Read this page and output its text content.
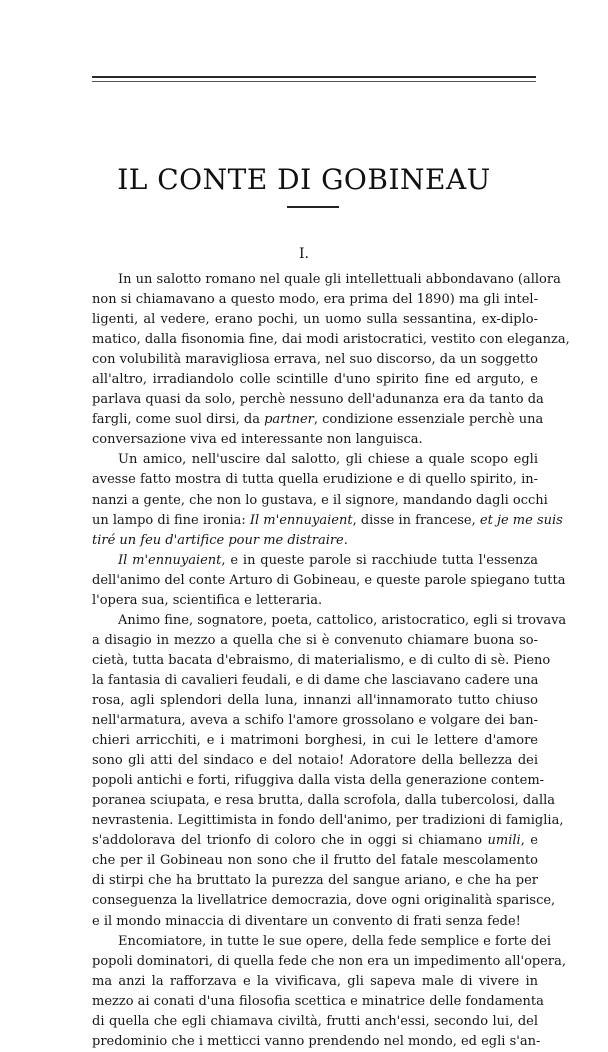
IL CONTE DI GOBINEAU
I.
In un salotto romano nel quale gli intellettuali abbondavano (allora
non si chiamavano a questo modo, era prima del 1890) ma gli intel-
ligenti, al vedere, erano pochi, un uomo sulla sessantina, ex-diplo-
matico, dalla fisonomia fine, dai modi aristocratici, vestito con eleganza,
con volubilità maravigliosa errava, nel suo discorso, da un soggetto
all'altro, irradiandolo colle scintille d'uno spirito fine ed arguto, e
parlava quasi da solo, perchè nessuno dell'adunanza era da tanto da
fargli, come suol dirsi, da partner, condizione essenziale perchè una
conversazione viva ed interessante non languisca.
Un amico, nell'uscire dal salotto, gli chiese a quale scopo egli
avesse fatto mostra di tutta quella erudizione e di quello spirito, in-
nanzi a gente, che non lo gustava, e il signore, mandando dagli occhi
un lampo di fine ironia: Il m'ennuyaient, disse in francese, et je me suis
tiré un feu d'artifice pour me distraire.
Il m'ennuyaient, e in queste parole si racchiude tutta l'essenza
dell'animo del conte Arturo di Gobineau, e queste parole spiegano tutta
l'opera sua, scientifica e letteraria.
Animo fine, sognatore, poeta, cattolico, aristocratico, egli si trovava
a disagio in mezzo a quella che si è convenuto chiamare buona so-
cietà, tutta bacata d'ebraismo, di materialismo, e di culto di sè. Pieno
la fantasia di cavalieri feudali, e di dame che lasciavano cadere una
rosa, agli splendori della luna, innanzi all'innamorato tutto chiuso
nell'armatura, aveva a schifo l'amore grossolano e volgare dei ban-
chieri arricchiti, e i matrimoni borghesi, in cui le lettere d'amore
sono gli atti del sindaco e del notaio! Adoratore della bellezza dei
popoli antichi e forti, rifuggiva dalla vista della generazione contem-
poranea sciupata, e resa brutta, dalla scrofola, dalla tubercolosi, dalla
nevrastenia. Legittimista in fondo dell'animo, per tradizioni di famiglia,
s'addolorava del trionfo di coloro che in oggi si chiamano umili, e
che per il Gobineau non sono che il frutto del fatale mescolamento
di stirpi che ha bruttato la purezza del sangue ariano, e che ha per
conseguenza la livellatrice democrazia, dove ogni originalità sparisce,
e il mondo minaccia di diventare un convento di frati senza fede!
Encomiatore, in tutte le sue opere, della fede semplice e forte dei
popoli dominatori, di quella fede che non era un impedimento all'opera,
ma anzi la rafforzava e la vivificava, gli sapeva male di vivere in
mezzo ai conati d'una filosofia scettica e minatrice delle fondamenta
di quella che egli chiamava civiltà, frutti anch'essi, secondo lui, del
predominio che i metticci vanno prendendo nel mondo, ed egli s'an-
